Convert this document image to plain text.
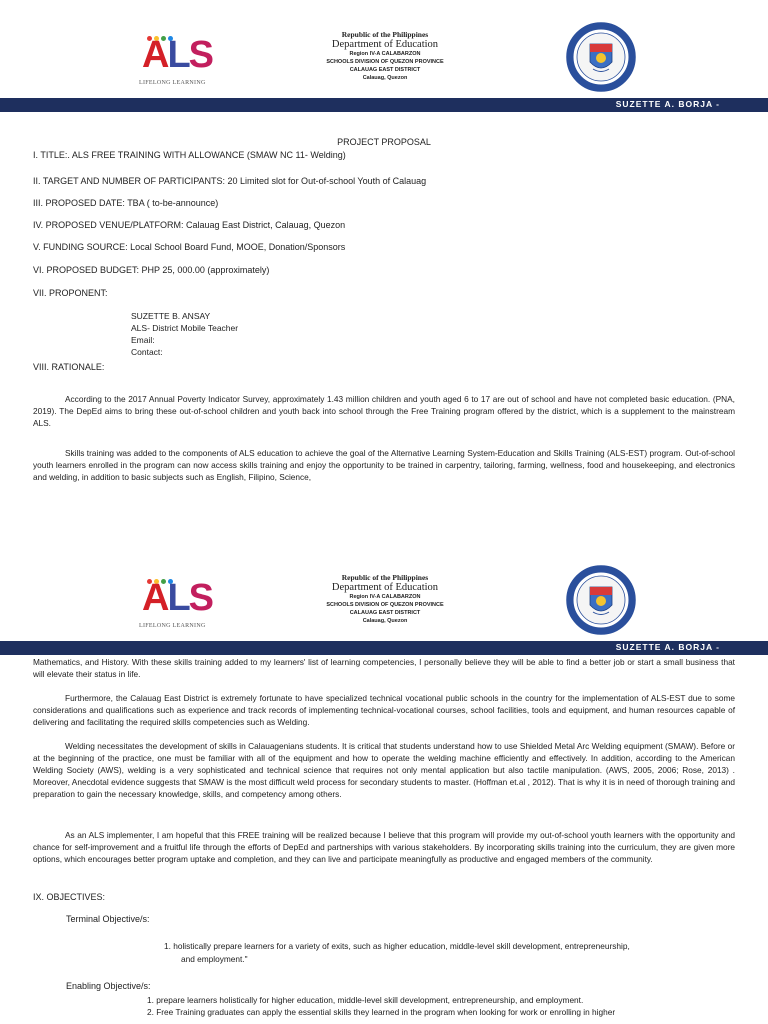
ALS
LIFELONG LEARNING
Republic of the Philippines
Department of Education
Region IV-A CALABARZON
SCHOOLS DIVISION OF QUEZON PROVINCE
CALAUAG EAST DISTRICT
Calauag, Quezon
SUZETTE A. BORJA -
PROJECT PROPOSAL
I. TITLE:. ALS FREE TRAINING WITH ALLOWANCE (SMAW NC 11- Welding)
II. TARGET AND NUMBER OF PARTICIPANTS: 20 Limited slot for Out-of-school Youth of Calauag
III. PROPOSED DATE: TBA ( to-be-announce)
IV. PROPOSED VENUE/PLATFORM: Calauag East District, Calauag, Quezon
V. FUNDING SOURCE: Local School Board Fund, MOOE, Donation/Sponsors
VI. PROPOSED BUDGET: PHP 25, 000.00 (approximately)
VII. PROPONENT:
SUZETTE B. ANSAY
ALS- District Mobile Teacher
Email:
Contact:
VIII. RATIONALE:
According to the 2017 Annual Poverty Indicator Survey, approximately 1.43 million children and youth aged 6 to 17 are out of school and have not completed basic education. (PNA, 2019). The DepEd aims to bring these out-of-school children and youth back into school through the Free Training program offered by the district, which is a supplement to the mainstream ALS.
Skills training was added to the components of ALS education to achieve the goal of the Alternative Learning System-Education and Skills Training (ALS-EST) program. Out-of-school youth learners enrolled in the program can now access skills training and enjoy the opportunity to be trained in carpentry, tailoring, farming, wellness, food and housekeeping, and electronics and welding, in addition to basic subjects such as English, Filipino, Science,
ALS
LIFELONG LEARNING
Republic of the Philippines
Department of Education
Region IV-A CALABARZON
SCHOOLS DIVISION OF QUEZON PROVINCE
CALAUAG EAST DISTRICT
Calauag, Quezon
SUZETTE A. BORJA -
Mathematics, and History. With these skills training added to my learners' list of learning competencies, I personally believe they will be able to find a better job or start a small business that will elevate their status in life.
Furthermore, the Calauag East District is extremely fortunate to have specialized technical vocational public schools in the country for the implementation of ALS-EST due to some considerations and qualifications such as experience and track records of implementing technical-vocational courses, school facilities, tools and equipment, and human resources capable of delivering and facilitating the required skills competencies such as Welding.
Welding necessitates the development of skills in Calauagenians students. It is critical that students understand how to use Shielded Metal Arc Welding equipment (SMAW). Before or at the beginning of the practice, one must be familiar with all of the equipment and how to operate the welding machine efficiently and effectively. In addition, according to the American Welding Society (AWS), welding is a very sophisticated and technical science that requires not only mental application but also tactile manipulation. (AWS, 2005, 2006; Rose, 2013) . Moreover, Anecdotal evidence suggests that SMAW is the most difficult weld process for secondary students to master. (Hoffman et.al , 2012). That is why it is in need of thorough training and preparation to gain the necessary knowledge, skills, and competency among others.
As an ALS implementer, I am hopeful that this FREE training will be realized because I believe that this program will provide my out-of-school youth learners with the opportunity and chance for self-improvement and a fruitful life through the efforts of DepEd and partnerships with various stakeholders. By incorporating skills training into the curriculum, they are given more options, which encourages better program uptake and completion, and they can live and participate meaningfully as productive and engaged members of the community.
IX. OBJECTIVES:
Terminal Objective/s:
1. holistically prepare learners for a variety of exits, such as higher education, middle-level skill development, entrepreneurship,
and employment."
Enabling Objective/s:
1. prepare learners holistically for higher education, middle-level skill development, entrepreneurship, and employment.
2. Free Training graduates can apply the essential skills they learned in the program when looking for work or enrolling in higher
